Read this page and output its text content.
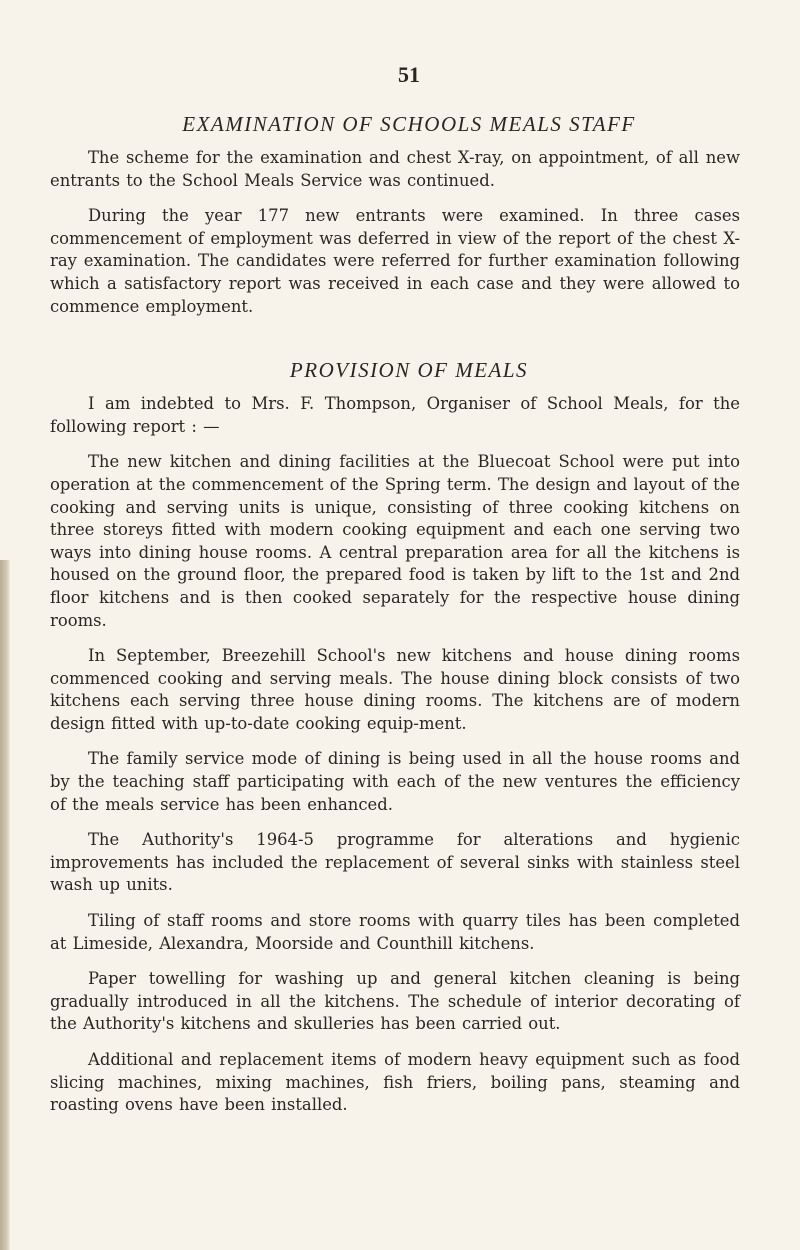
51
EXAMINATION OF SCHOOLS MEALS STAFF

The scheme for the examination and chest X-ray, on appointment, of all new entrants to the School Meals Service was continued.

During the year 177 new entrants were examined. In three cases commencement of employment was deferred in view of the report of the chest X-ray examination. The candidates were referred for further examination following which a satisfactory report was received in each case and they were allowed to commence employment.

PROVISION OF MEALS

I am indebted to Mrs. F. Thompson, Organiser of School Meals, for the following report : —

The new kitchen and dining facilities at the Bluecoat School were put into operation at the commencement of the Spring term. The design and layout of the cooking and serving units is unique, consisting of three cooking kitchens on three storeys fitted with modern cooking equipment and each one serving two ways into dining house rooms. A central preparation area for all the kitchens is housed on the ground floor, the prepared food is taken by lift to the 1st and 2nd floor kitchens and is then cooked separately for the respective house dining rooms.

In September, Breezehill School's new kitchens and house dining rooms commenced cooking and serving meals. The house dining block consists of two kitchens each serving three house dining rooms. The kitchens are of modern design fitted with up-to-date cooking equip-ment.

The family service mode of dining is being used in all the house rooms and by the teaching staff participating with each of the new ventures the efficiency of the meals service has been enhanced.

The Authority's 1964-5 programme for alterations and hygienic improvements has included the replacement of several sinks with stainless steel wash up units.

Tiling of staff rooms and store rooms with quarry tiles has been completed at Limeside, Alexandra, Moorside and Counthill kitchens.

Paper towelling for washing up and general kitchen cleaning is being gradually introduced in all the kitchens. The schedule of interior decorating of the Authority's kitchens and skulleries has been carried out.

Additional and replacement items of modern heavy equipment such as food slicing machines, mixing machines, fish friers, boiling pans, steaming and roasting ovens have been installed.
